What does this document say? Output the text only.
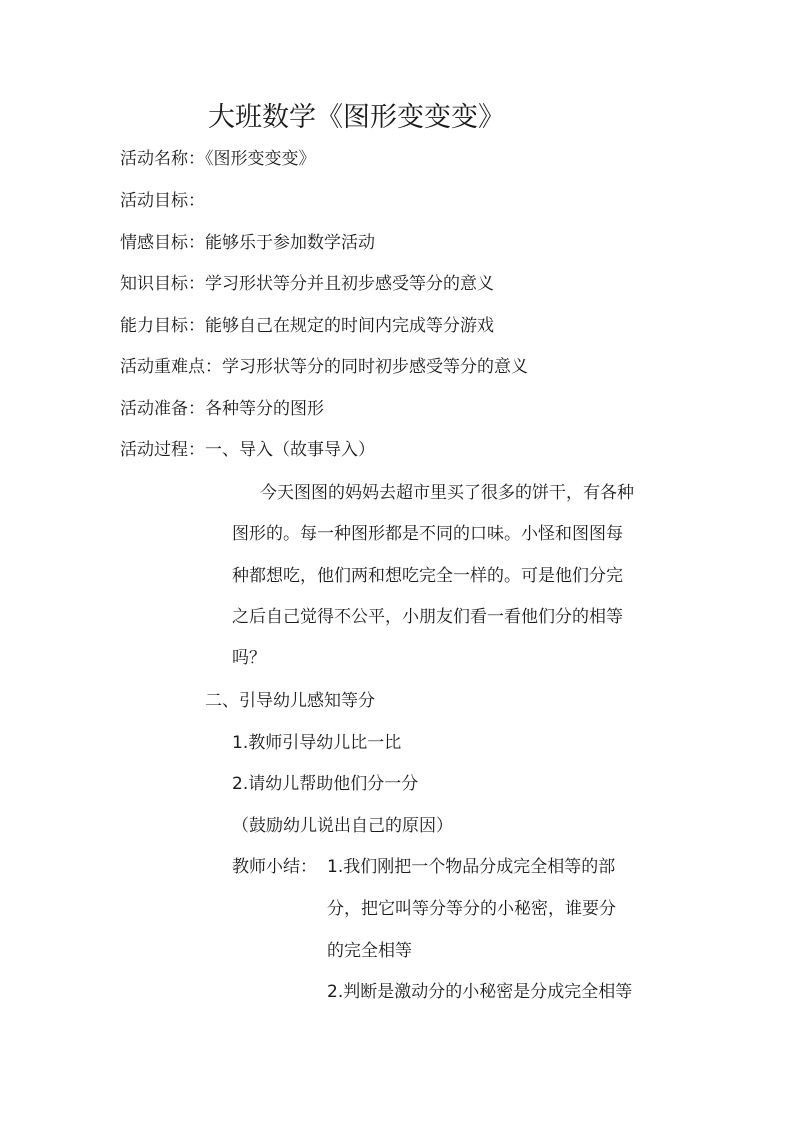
大班数学《图形变变变》
活动名称：《图形变变变》
活动目标：
情感目标：能够乐于参加数学活动
知识目标：学习形状等分并且初步感受等分的意义
能力目标：能够自己在规定的时间内完成等分游戏
活动重难点：学习形状等分的同时初步感受等分的意义
活动准备：各种等分的图形
活动过程：一、导入（故事导入）
今天图图的妈妈去超市里买了很多的饼干，有各种
图形的。每一种图形都是不同的口味。小怪和图图每
种都想吃，他们两和想吃完全一样的。可是他们分完
之后自己觉得不公平，小朋友们看一看他们分的相等
吗？
二、引导幼儿感知等分
1.教师引导幼儿比一比
2.请幼儿帮助他们分一分
（鼓励幼儿说出自己的原因）
教师小结： 1.我们刚把一个物品分成完全相等的部
分，把它叫等分等分的小秘密，谁要分
的完全相等
2.判断是激动分的小秘密是分成完全相等
